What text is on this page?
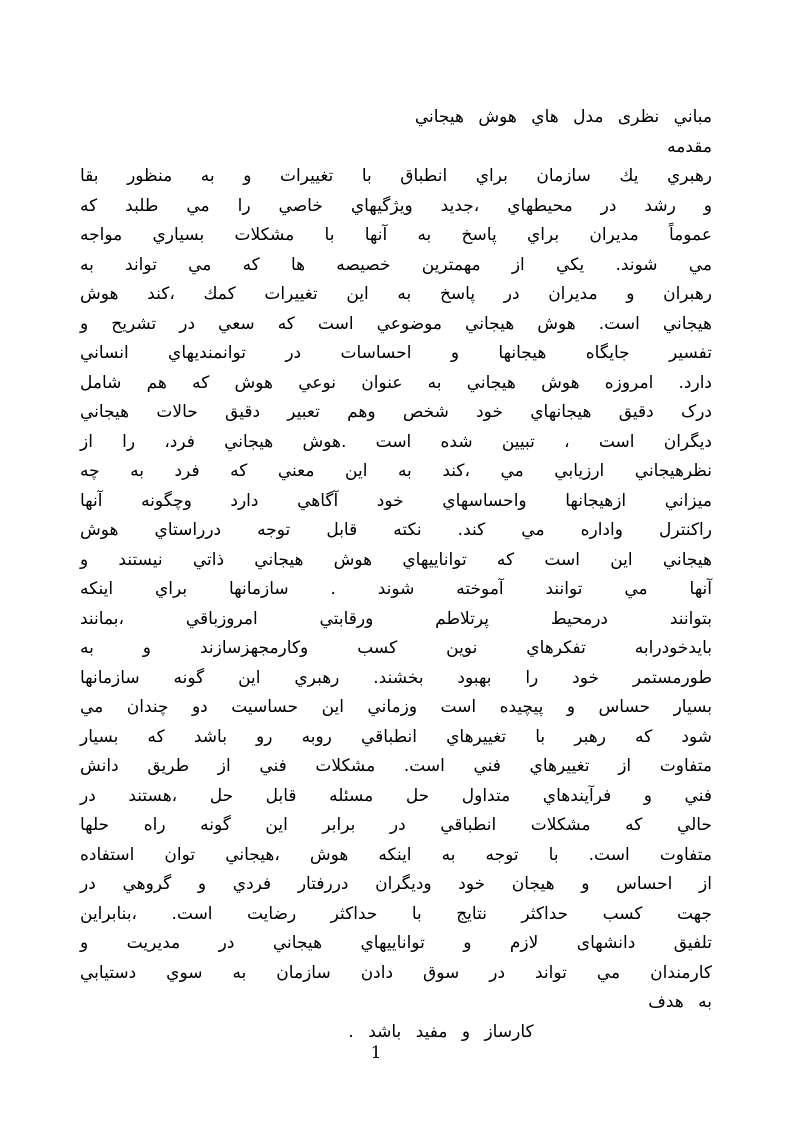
مباني نظری مدل هاي هوش هيجاني
مقدمه
رهبري يك سازمان براي انطباق با تغييرات و به منظور بقا
و رشد در محيطهاي ،جديد ويژگيهاي خاصي را مي طلبد كه
عموماً مديران براي پاسخ به آنها با مشكلات بسياري مواجه
مي شوند. يكي از مهمترين خصيصه ها كه مي تواند به
رهبران و مديران در پاسخ به اين تغييرات كمك ،كند هوش
هيجاني است. هوش هيجاني موضوعي است كه سعي در تشريح و
تفسير جايگاه هيجانها و احساسات در توانمنديهاي انساني
دارد. امروزه هوش هيجاني به عنوان نوعي هوش كه هم شامل
درک دقيق هيجانهاي خود شخص وهم تعبير دقيق حالات هيجاني
ديگران است ، تبيين شده است .هوش هيجاني فرد، را از
نظرهيجاني ارزيابي مي ،كند به اين معني كه فرد به چه
ميزاني ازهيجانها واحساسهاي خود آگاهي دارد وچگونه آنها
راكنترل واداره مي كند. نكته قابل توجه درراستاي هوش
هيجاني اين است كه تواناييهاي هوش هيجاني ذاتي نيستند و
آنها مي توانند آموخته شوند . سازمانها براي اينكه
بتوانند درمحيط پرتلاطم ورقابتي امروزباقي ،بمانند
بايدخودرابه تفكرهاي نوين كسب وكارمجهزسازند و به
طورمستمر خود را بهبود بخشند. رهبري اين گونه سازمانها
بسيار حساس و پيچيده است وزماني اين حساسيت دو چندان مي
شود كه رهبر با تغييرهاي انطباقي روبه رو باشد كه بسيار
متفاوت از تغييرهاي فني است. مشكلات فني از طريق دانش
فني و فرآيندهاي متداول حل مسئله قابل حل ،هستند در
حالي كه مشكلات انطباقي در برابر اين گونه راه حلها
متفاوت است. با توجه به اينكه هوش ،هيجاني توان استفاده
از احساس و هيجان خود وديگران دررفتار فردي و گروهي در
جهت كسب حداكثر نتايج با حداكثر رضايت است. ،بنابراين
تلفيق دانشهای لازم و تواناييهاي هيجاني در مديريت و
كارمندان مي تواند در سوق دادن سازمان به سوي دستيابي
به هدف
كارساز و مفيد باشد .
1
